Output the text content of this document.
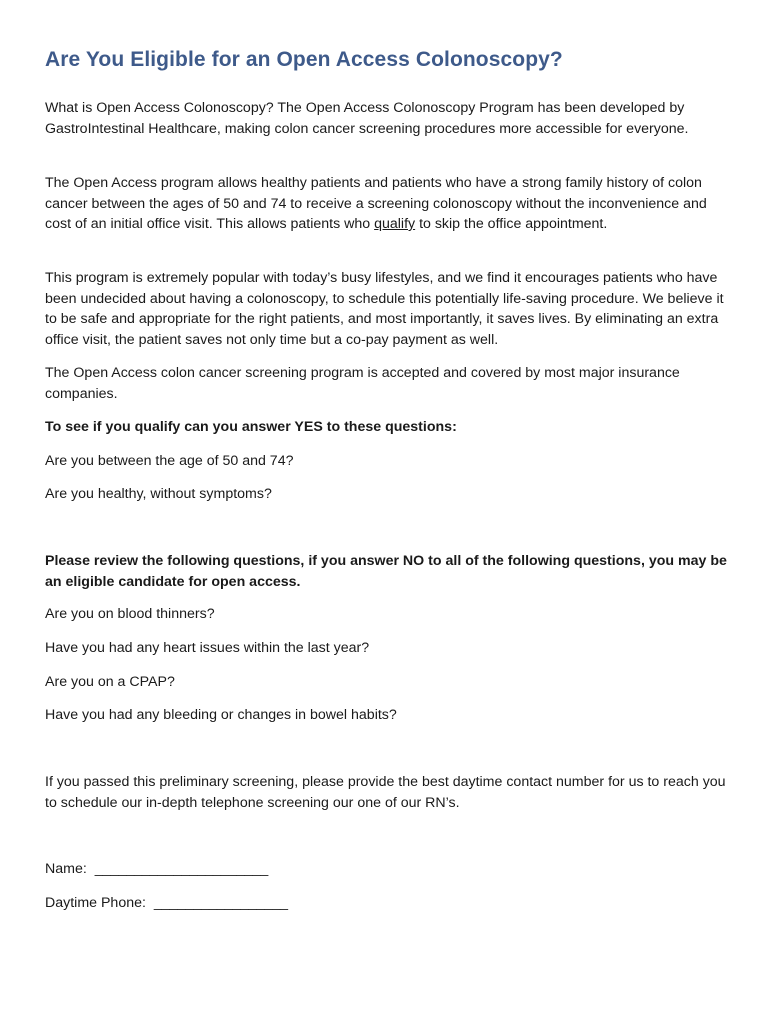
Are You Eligible for an Open Access Colonoscopy?

What is Open Access Colonoscopy? The Open Access Colonoscopy Program has been developed by GastroIntestinal Healthcare, making colon cancer screening procedures more accessible for everyone.

The Open Access program allows healthy patients and patients who have a strong family history of colon cancer between the ages of 50 and 74 to receive a screening colonoscopy without the inconvenience and cost of an initial office visit. This allows patients who qualify to skip the office appointment.

This program is extremely popular with today’s busy lifestyles, and we find it encourages patients who have been undecided about having a colonoscopy, to schedule this potentially life-saving procedure. We believe it to be safe and appropriate for the right patients, and most importantly, it saves lives. By eliminating an extra office visit, the patient saves not only time but a co-pay payment as well.

The Open Access colon cancer screening program is accepted and covered by most major insurance companies.

To see if you qualify can you answer YES to these questions:

Are you between the age of 50 and 74?

Are you healthy, without symptoms?

Please review the following questions, if you answer NO to all of the following questions, you may be an eligible candidate for open access.

Are you on blood thinners?

Have you had any heart issues within the last year?

Are you on a CPAP?

Have you had any bleeding or changes in bowel habits?

If you passed this preliminary screening, please provide the best daytime contact number for us to reach you to schedule our in-depth telephone screening our one of our RN’s.

Name: ______________________

Daytime Phone: _________________
